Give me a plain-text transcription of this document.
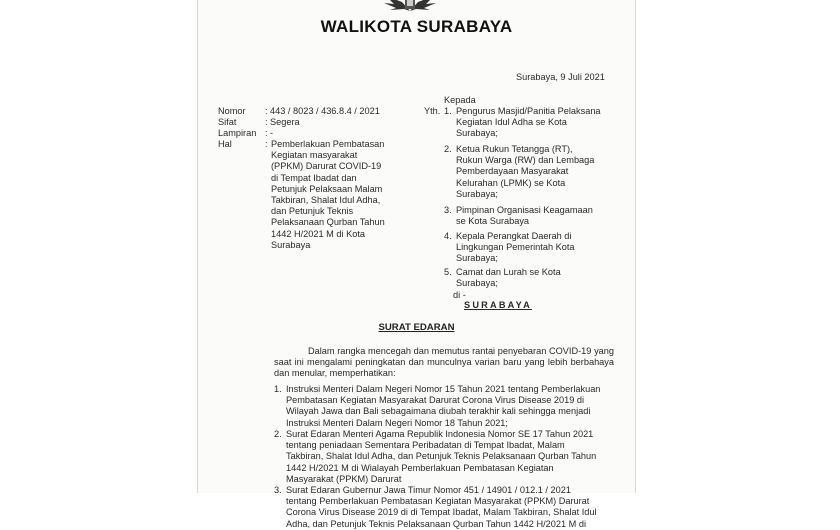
WALIKOTA SURABAYA
Surabaya, 9 Juli 2021
Nomor : 443 / 8023 / 436.8.4 / 2021
Sifat	: Segera
Lampiran : -
Hal	: Pemberlakuan Pembatasan
Kegiatan masyarakat
(PPKM) Darurat COVID-19
di Tempat Ibadat dan
Petunjuk Pelaksaan Malam
Takbiran, Shalat Idul Adha,
dan Petunjuk Teknis
Pelaksanaan Qurban Tahun
1442 H/2021 M di Kota
Surabaya
Kepada
Yth. 1. Pengurus Masjid/Panitia Pelaksana
Kegiatan Idul Adha se Kota
Surabaya;
2. Ketua Rukun Tetangga (RT),
Rukun Warga (RW) dan Lembaga
Pemberdayaan Masyarakat
Kelurahan (LPMK) se Kota
Surabaya;
3. Pimpinan Organisasi Keagamaan
se Kota Surabaya
4. Kepala Perangkat Daerah di
Lingkungan Pemerintah Kota
Surabaya;
5. Camat dan Lurah se Kota
Surabaya;
di -
SURABAYA
SURAT EDARAN
Dalam rangka mencegah dan memutus rantai penyebaran COVID-19 yang saat ini mengalami peningkatan dan munculnya varian baru yang lebih berbahaya dan menular, memperhatikan:
1. Instruksi Menteri Dalam Negeri Nomor 15 Tahun 2021 tentang Pemberlakuan
Pembatasan Kegiatan Masyarakat Darurat Corona Virus Disease 2019 di
Wilayah Jawa dan Bali sebagaimana diubah terakhir kali sehingga menjadi
Instruksi Menteri Dalam Negeri Nomor 18 Tahun 2021;
2. Surat Edaran Menteri Agama Republik Indonesia Nomor SE 17 Tahun 2021
tentang peniadaan Sementara Peribadatan di Tempat Ibadat, Malam
Takbiran, Shalat Idul Adha, dan Petunjuk Teknis Pelaksanaan Qurban Tahun
1442 H/2021 M di Wialayah Pemberlakuan Pembatasan Kegiatan
Masyarakat (PPKM) Darurat
3. Surat Edaran Gubernur Jawa Timur Nomor 451 / 14901 / 012.1 / 2021
tentang Pemberlakuan Pembatasan Kegiatan Masyarakat (PPKM) Darurat
Corona Virus Disease 2019 di di Tempat Ibadat, Malam Takbiran, Shalat Idul
Adha, dan Petunjuk Teknis Pelaksanaan Qurban Tahun 1442 H/2021 M di
